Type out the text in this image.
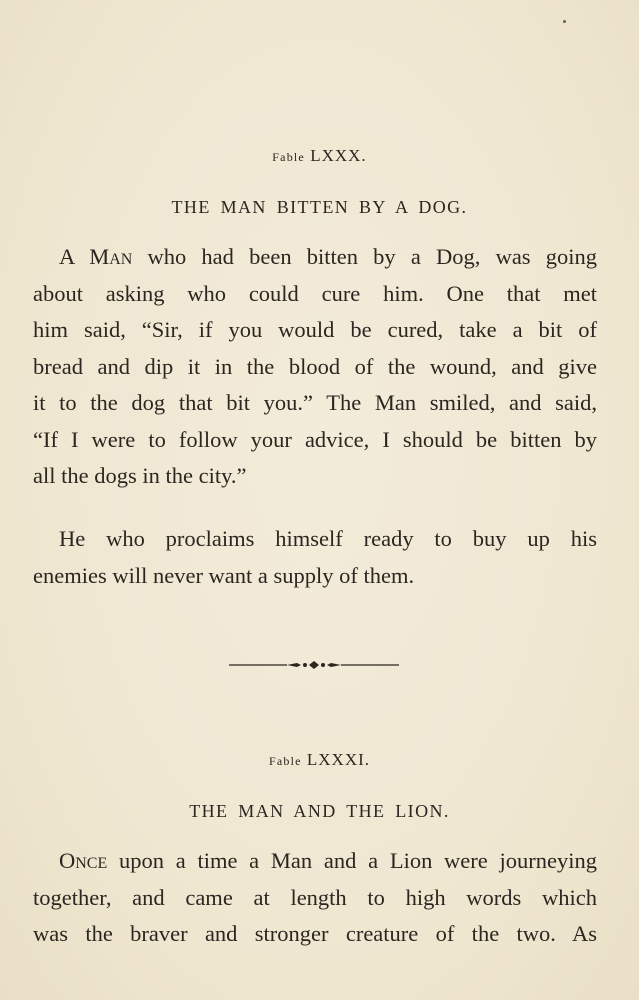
Fable LXXX.
THE MAN BITTEN BY A DOG.
A Man who had been bitten by a Dog, was going
about asking who could cure him. One that met
him said, “Sir, if you would be cured, take a bit of
bread and dip it in the blood of the wound, and give
it to the dog that bit you.” The Man smiled, and said,
“If I were to follow your advice, I should be bitten by
all the dogs in the city.”
He who proclaims himself ready to buy up his
enemies will never want a supply of them.
Fable LXXXI.
THE MAN AND THE LION.
Once upon a time a Man and a Lion were journeying
together, and came at length to high words which
was the braver and stronger creature of the two. As
